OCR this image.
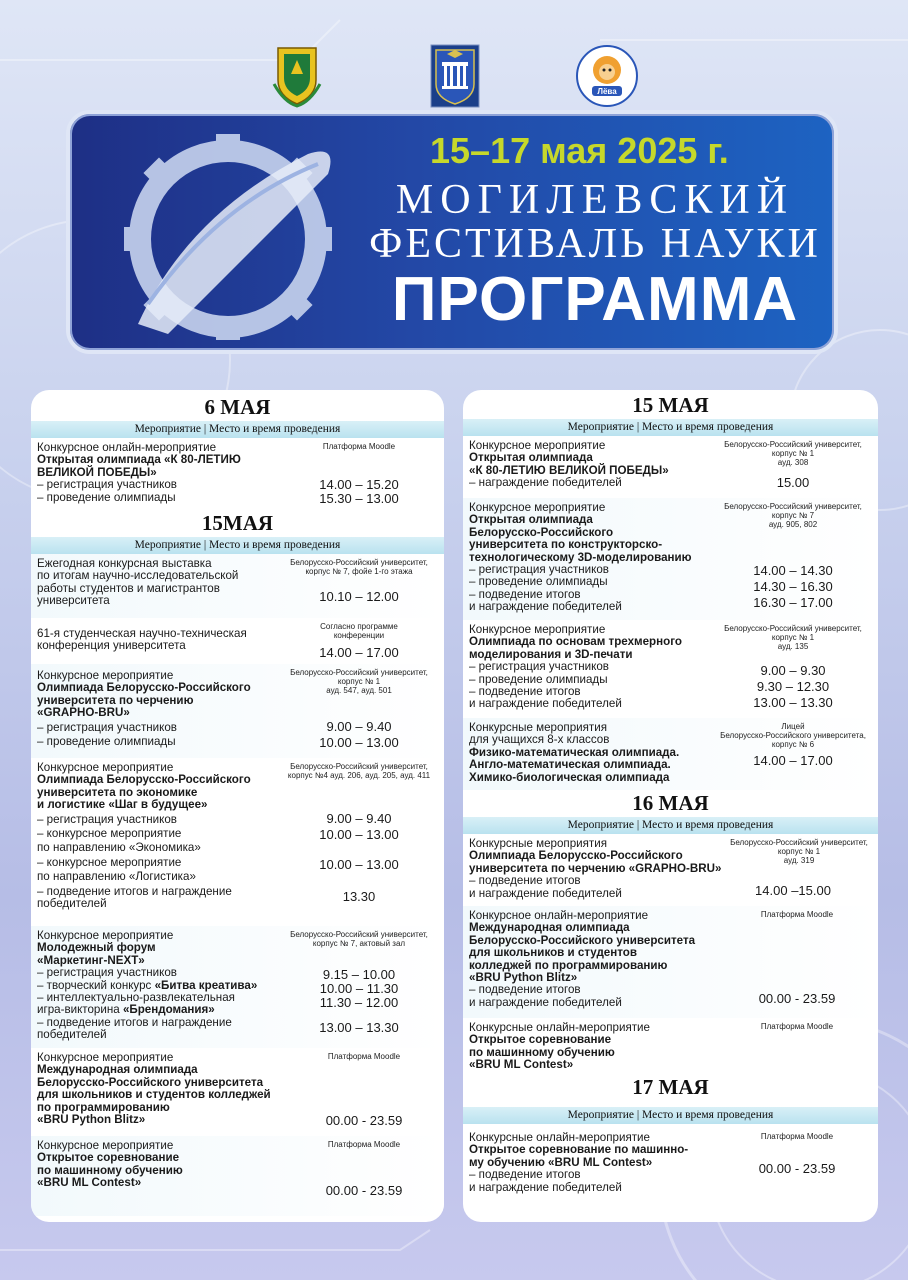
Лёва
15–17 мая 2025 г.
МОГИЛЕВСКИЙ
ФЕСТИВАЛЬ НАУКИ
ПРОГРАММА
6 МАЯ
Мероприятие | Место и время проведения
Конкурсное онлайн-мероприятие
Открытая олимпиада «К 80-ЛЕТИЮ
ВЕЛИКОЙ ПОБЕДЫ»
– регистрация участников
– проведение олимпиады
Платформа Moodle
14.00 – 15.20
15.30 – 13.00
15МАЯ
Мероприятие | Место и время проведения
Ежегодная конкурсная выставка
по итогам научно-исследовательской
работы студентов и магистрантов
университета
Белорусско-Российский университет, корпус № 7, фойе 1-го этажа
10.10 – 12.00
61-я студенческая научно-техническая
конференция университета
Согласно программе конференции
14.00 – 17.00
Конкурсное мероприятие
Олимпиада Белорусско-Российского
университета по черчению
«GRAPHO-BRU»
– регистрация участников
– проведение олимпиады
Белорусско-Российский университет, корпус № 1
ауд. 547, ауд. 501
9.00 – 9.40
10.00 – 13.00
Конкурсное мероприятие
Олимпиада Белорусско-Российского
университета по экономике
и логистике «Шаг в будущее»
– регистрация участников
– конкурсное мероприятие
по направлению «Экономика»
– конкурсное мероприятие
по направлению «Логистика»
– подведение итогов и награждение
победителей
Белорусско-Российский университет, корпус №4 ауд. 206, ауд. 205, ауд. 411
9.00 – 9.40
10.00 – 13.00
10.00 – 13.00
13.30
Конкурсное мероприятие
Молодежный форум
«Маркетинг-NEXT»
– регистрация участников
– творческий конкурс «Битва креатива»
– интеллектуально-развлекательная
игра-викторина «Брендомания»
– подведение итогов и награждение
победителей
Белорусско-Российский университет, корпус № 7, актовый зал
9.15 – 10.00
10.00 – 11.30
11.30 – 12.00
13.00 – 13.30
Конкурсное мероприятие
Международная олимпиада
Белорусско-Российского университета
для школьников и студентов колледжей
по программированию
«BRU Python Blitz»
Платформа Moodle
00.00 - 23.59
Конкурсное мероприятие
Открытое соревнование
по машинному обучению
«BRU ML Contest»
Платформа Moodle
00.00 - 23.59
15 МАЯ
Мероприятие | Место и время проведения
Конкурсное мероприятие
Открытая олимпиада
«К 80-ЛЕТИЮ ВЕЛИКОЙ ПОБЕДЫ»
– награждение победителей
Белорусско-Российский университет, корпус № 1
ауд. 308
15.00
Конкурсное мероприятие
Открытая олимпиада
Белорусско-Российского
университета по конструкторско-
технологическому 3D-моделированию
– регистрация участников
– проведение олимпиады
– подведение итогов
и награждение победителей
Белорусско-Российский университет, корпус № 7
ауд. 905, 802
14.00 – 14.30
14.30 – 16.30
16.30 – 17.00
Конкурсное мероприятие
Олимпиада по основам трехмерного
моделирования и 3D-печати
– регистрация участников
– проведение олимпиады
– подведение итогов
и награждение победителей
Белорусско-Российский университет, корпус № 1
ауд. 135
9.00 – 9.30
9.30 – 12.30
13.00 – 13.30
Конкурсные мероприятия
для учащихся 8-х классов
Физико-математическая олимпиада.
Англо-математическая олимпиада.
Химико-биологическая олимпиада
Лицей
Белорусско-Российского университета, корпус № 6
14.00 – 17.00
16 МАЯ
Мероприятие | Место и время проведения
Конкурсные мероприятия
Олимпиада Белорусско-Российского
университета по черчению «GRAPHO-BRU»
– подведение итогов
и награждение победителей
Белорусско-Российский университет, корпус № 1
ауд. 319
14.00 –15.00
Конкурсное онлайн-мероприятие
Международная олимпиада
Белорусско-Российского университета
для школьников и студентов
колледжей по программированию
«BRU Python Blitz»
– подведение итогов
и награждение победителей
Платформа Moodle
00.00 - 23.59
Конкурсные онлайн-мероприятие
Открытое соревнование
по машинному обучению
«BRU ML Contest»
Платформа Moodle
17 МАЯ
Мероприятие | Место и время проведения
Конкурсные онлайн-мероприятие
Открытое соревнование по машинно-
му обучению «BRU ML Contest»
– подведение итогов
и награждение победителей
Платформа Moodle
00.00 - 23.59
